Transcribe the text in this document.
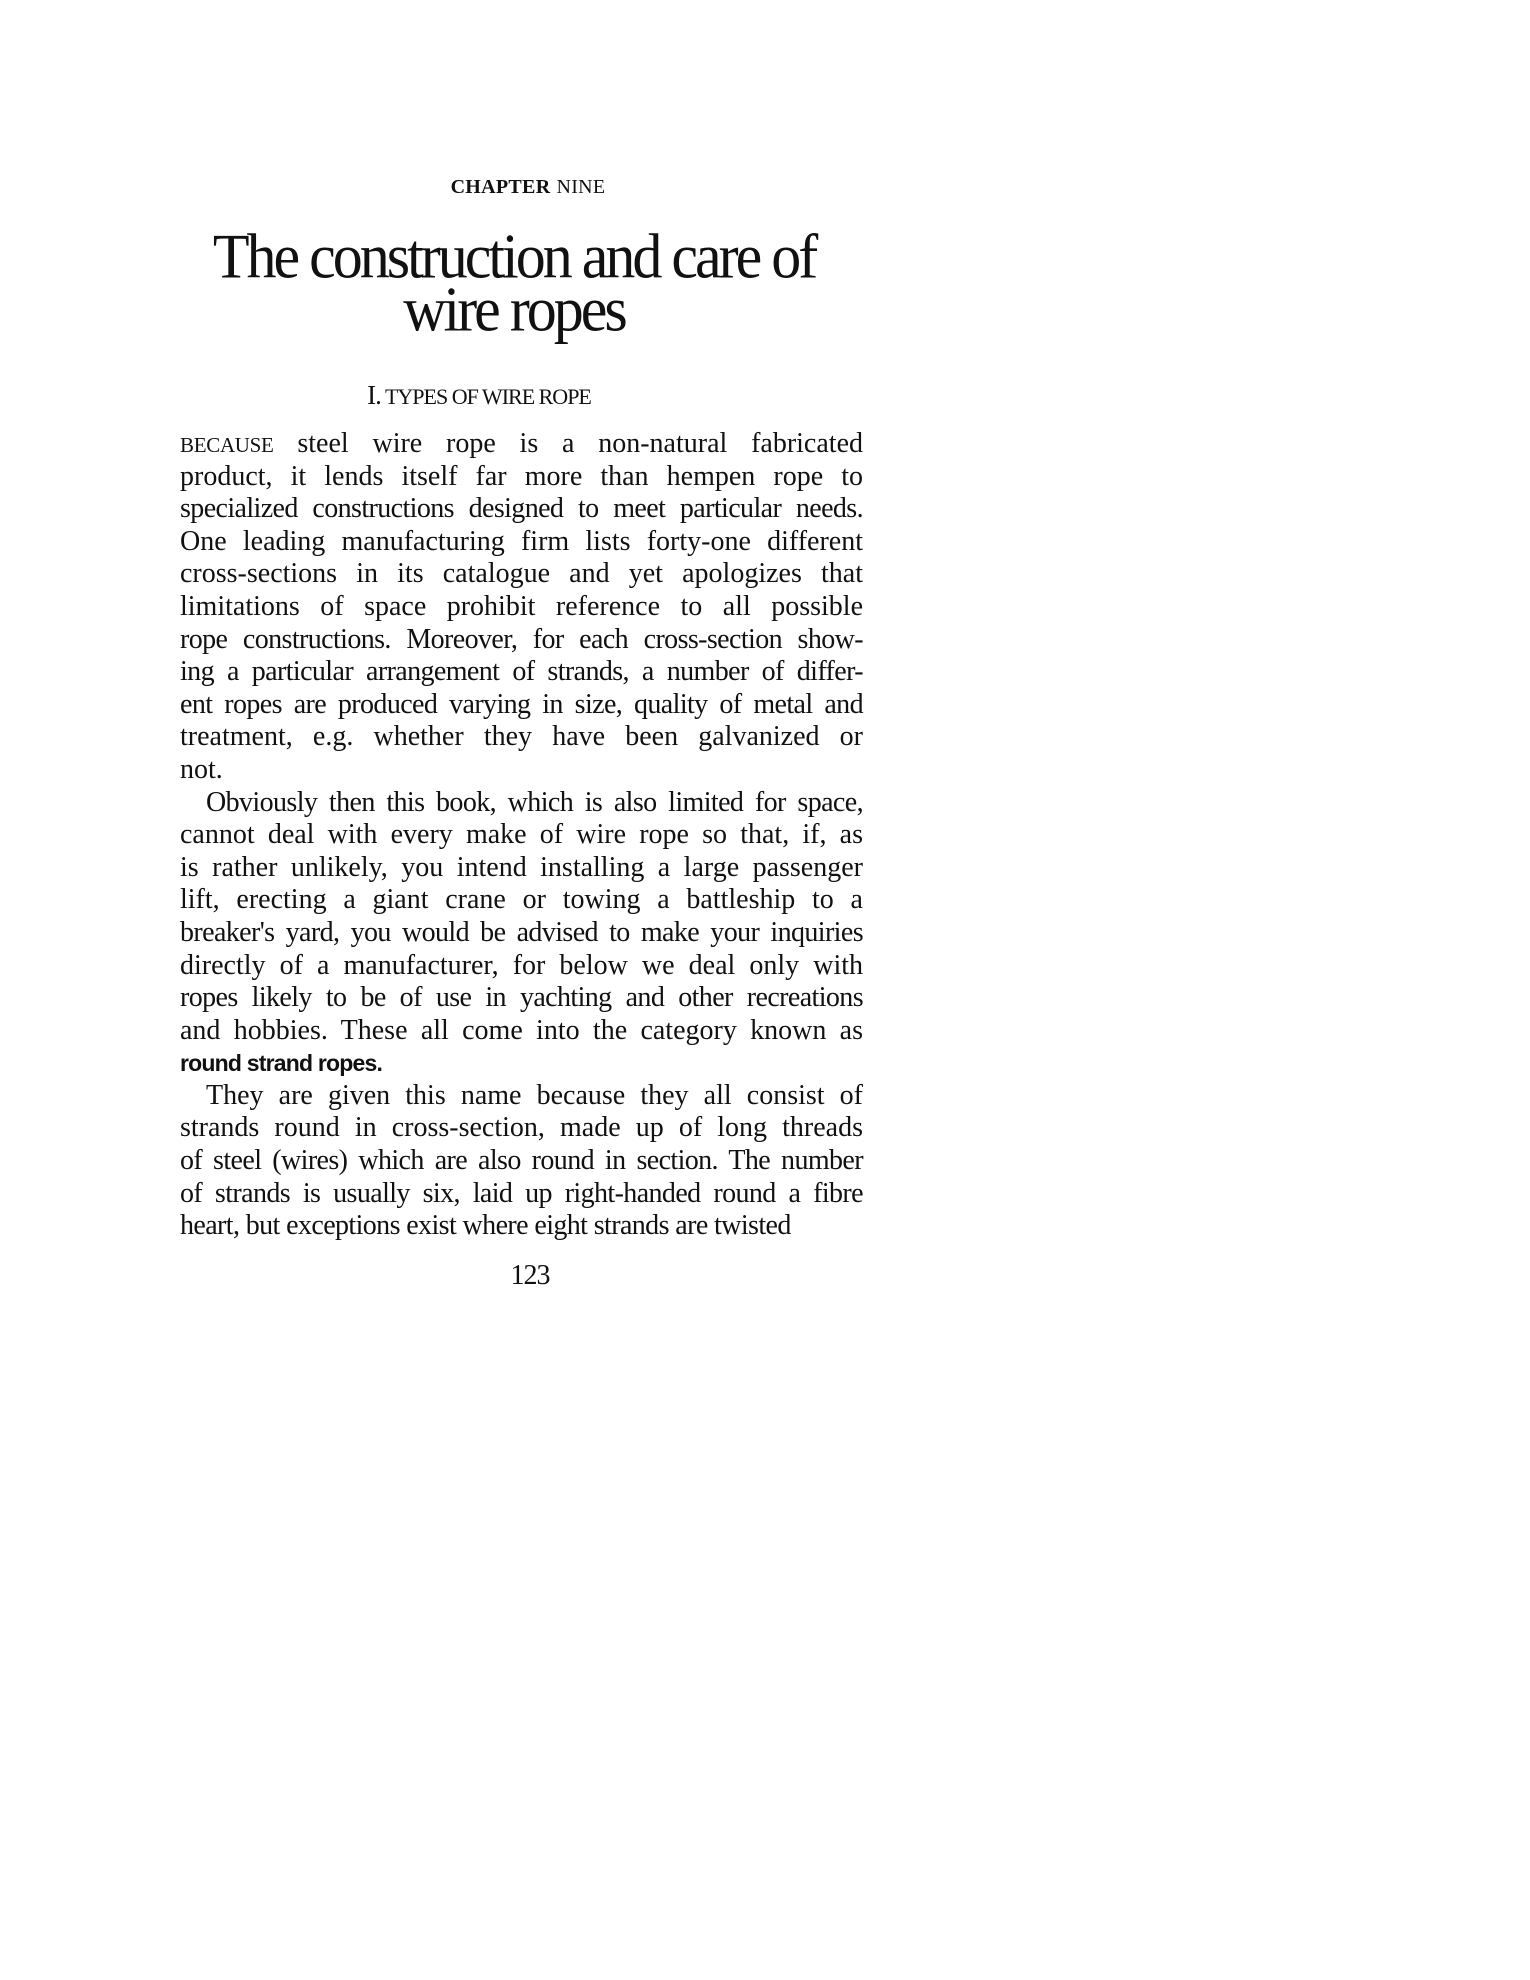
CHAPTER NINE
The construction and care of
wire ropes
I. TYPES OF WIRE ROPE
BECAUSE steel wire rope is a non-natural fabricated
product, it lends itself far more than hempen rope to
specialized constructions designed to meet particular needs.
One leading manufacturing firm lists forty-one different
cross-sections in its catalogue and yet apologizes that
limitations of space prohibit reference to all possible
rope constructions. Moreover, for each cross-section show-
ing a particular arrangement of strands, a number of differ-
ent ropes are produced varying in size, quality of metal and
treatment, e.g. whether they have been galvanized or
not.
Obviously then this book, which is also limited for space,
cannot deal with every make of wire rope so that, if, as
is rather unlikely, you intend installing a large passenger
lift, erecting a giant crane or towing a battleship to a
breaker's yard, you would be advised to make your inquiries
directly of a manufacturer, for below we deal only with
ropes likely to be of use in yachting and other recreations
and hobbies. These all come into the category known as
round strand ropes.
They are given this name because they all consist of
strands round in cross-section, made up of long threads
of steel (wires) which are also round in section. The number
of strands is usually six, laid up right-handed round a fibre
heart, but exceptions exist where eight strands are twisted
123
